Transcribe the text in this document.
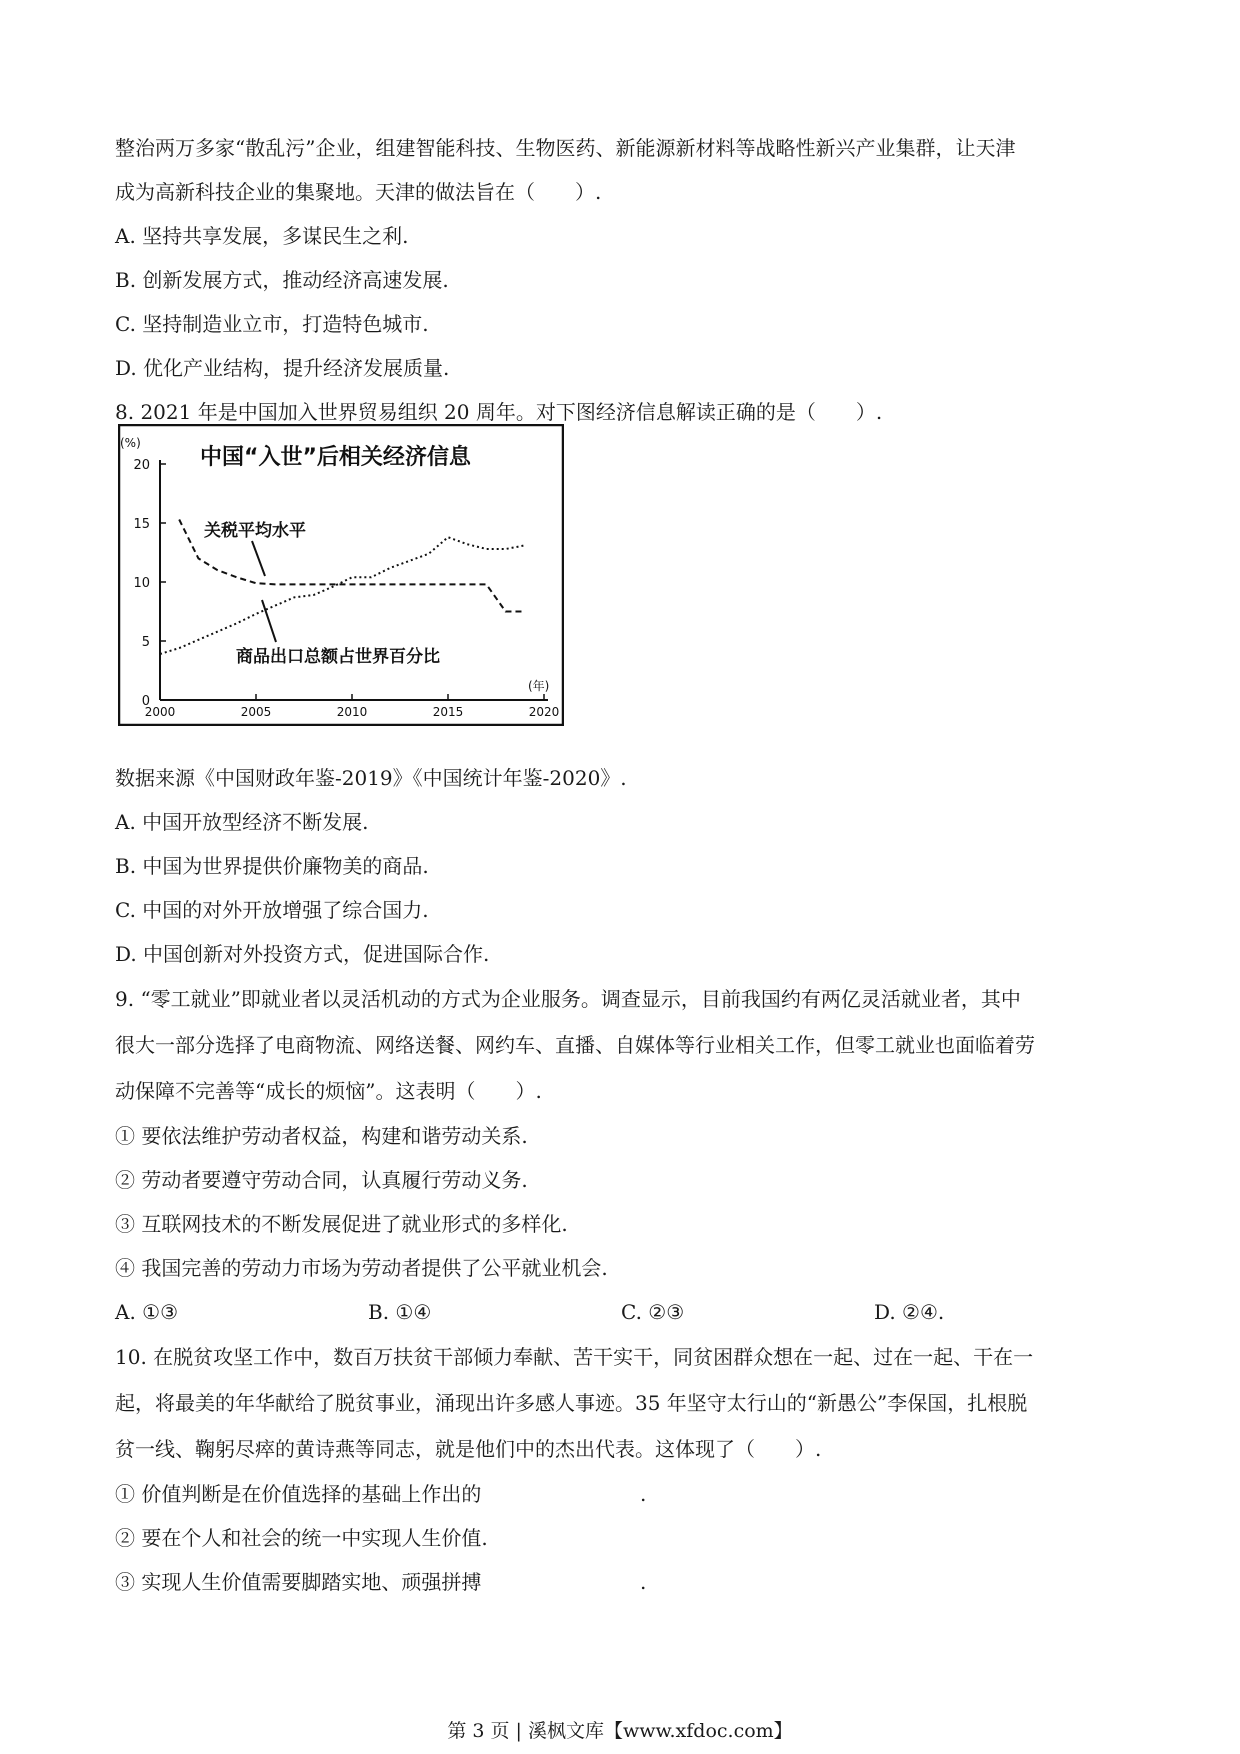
整治两万多家“散乱污”企业，组建智能科技、生物医药、新能源新材料等战略性新兴产业集群，让天津
成为高新科技企业的集聚地。天津的做法旨在（　　）.
A. 坚持共享发展，多谋民生之利.
B. 创新发展方式，推动经济高速发展.
C. 坚持制造业立市，打造特色城市.
D. 优化产业结构，提升经济发展质量.
8. 2021 年是中国加入世界贸易组织 20 周年。对下图经济信息解读正确的是（　　）.
中国“入世”后相关经济信息
(%)
(年)
关税平均水平
商品出口总额占世界百分比
0
5
10
15
20
2000	2005	2010	2015	2020
数据来源《中国财政年鉴-2019》《中国统计年鉴-2020》.
A. 中国开放型经济不断发展.
B. 中国为世界提供价廉物美的商品.
C. 中国的对外开放增强了综合国力.
D. 中国创新对外投资方式，促进国际合作.
9. “零工就业”即就业者以灵活机动的方式为企业服务。调查显示，目前我国约有两亿灵活就业者，其中
很大一部分选择了电商物流、网络送餐、网约车、直播、自媒体等行业相关工作，但零工就业也面临着劳
动保障不完善等“成长的烦恼”。这表明（　　）.
① 要依法维护劳动者权益，构建和谐劳动关系.
② 劳动者要遵守劳动合同，认真履行劳动义务.
③ 互联网技术的不断发展促进了就业形式的多样化.
④ 我国完善的劳动力市场为劳动者提供了公平就业机会.
A. ①③	B. ①④	C. ②③	D. ②④.
10. 在脱贫攻坚工作中，数百万扶贫干部倾力奉献、苦干实干，同贫困群众想在一起、过在一起、干在一
起，将最美的年华献给了脱贫事业，涌现出许多感人事迹。35 年坚守太行山的“新愚公”李保国，扎根脱
贫一线、鞠躬尽瘁的黄诗燕等同志，就是他们中的杰出代表。这体现了（　　）.
① 价值判断是在价值选择的基础上作出的	.
② 要在个人和社会的统一中实现人生价值.
③ 实现人生价值需要脚踏实地、顽强拼搏	.
第 3 页 | 溪枫文库【www.xfdoc.com】
